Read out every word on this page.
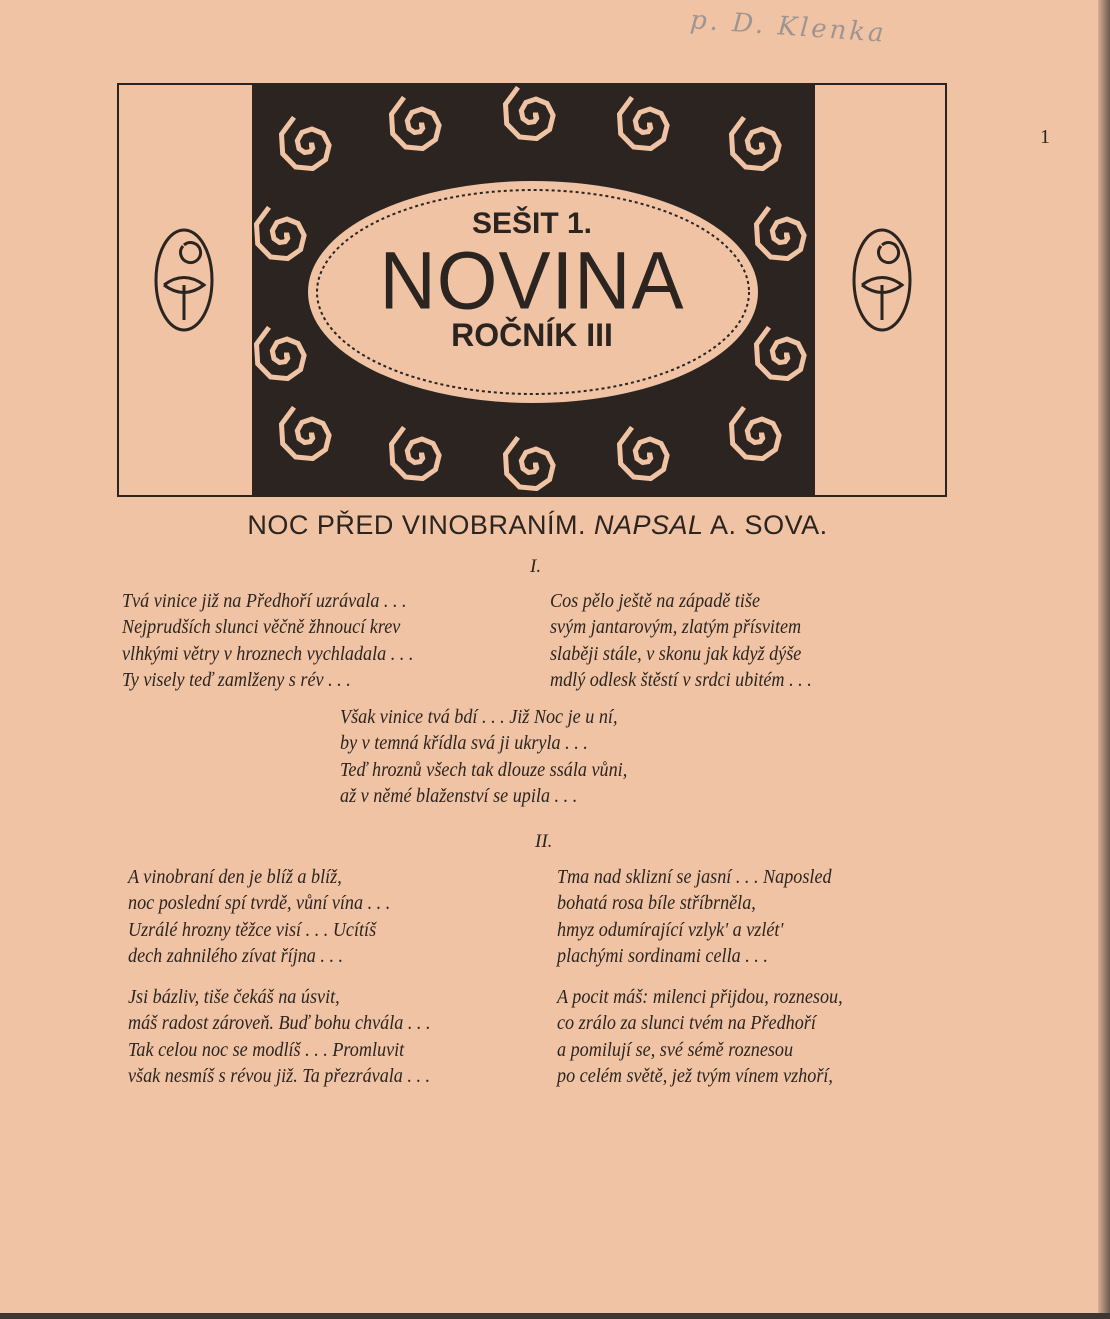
p. D. Klenka
1
SEŠIT 1.
NOVINA
ROČNÍK III
NOC PŘED VINOBRANÍM. NAPSAL A. SOVA.
I.
Tvá vinice již na Předhoří uzrávala . . .
Nejprudších slunci věčně žhnoucí krev
vlhkými větry v hroznech vychladala . . .
Ty visely teď zamlženy s rév . . .
Cos pělo ještě na západě tiše
svým jantarovým, zlatým přísvitem
slaběji stále, v skonu jak když dýše
mdlý odlesk štěstí v srdci ubitém . . .
Však vinice tvá bdí . . . Již Noc je u ní,
by v temná křídla svá ji ukryla . . .
Teď hroznů všech tak dlouze ssála vůni,
až v němé blaženství se upila . . .
II.
A vinobraní den je blíž a blíž,
noc poslední spí tvrdě, vůní vína . . .
Uzrálé hrozny těžce visí . . . Ucítíš
dech zahnilého zívat října . . .
Tma nad sklizní se jasní . . . Naposled
bohatá rosa bíle stříbrněla,
hmyz odumírající vzlyk' a vzlét'
plachými sordinami cella . . .
Jsi bázliv, tiše čekáš na úsvit,
máš radost zároveň. Buď bohu chvála . . .
Tak celou noc se modlíš . . . Promluvit
však nesmíš s révou již. Ta přezrávala . . .
A pocit máš: milenci přijdou, roznesou,
co zrálo za slunci tvém na Předhoří
a pomilují se, své sémě roznesou
po celém světě, jež tvým vínem vzhoří,
